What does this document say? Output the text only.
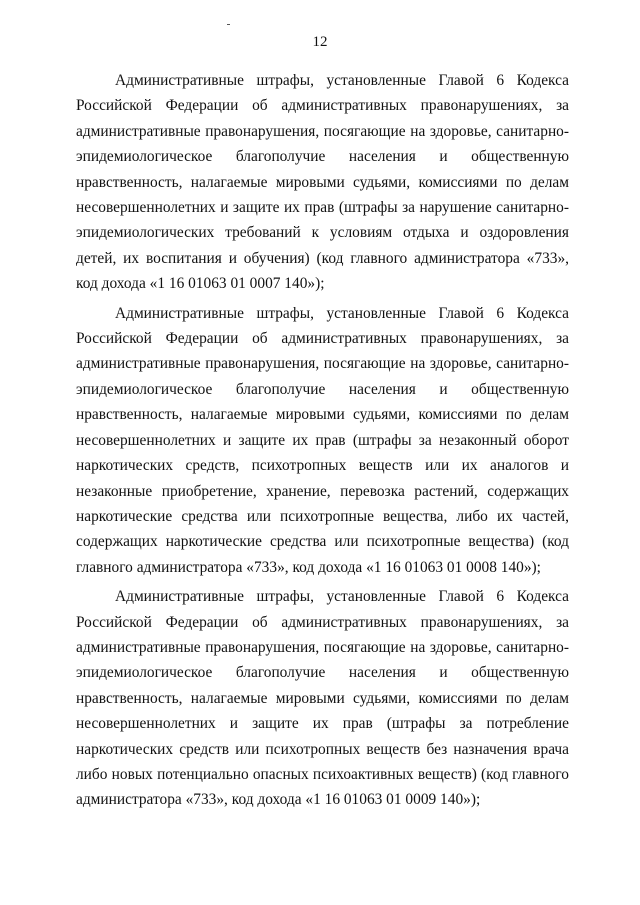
12

Административные штрафы, установленные Главой 6 Кодекса Российской Федерации об административных правонарушениях, за административные правонарушения, посягающие на здоровье, санитарно-эпидемиологическое благополучие населения и общественную нравственность, налагаемые мировыми судьями, комиссиями по делам несовершеннолетних и защите их прав (штрафы за нарушение санитарно-эпидемиологических требований к условиям отдыха и оздоровления детей, их воспитания и обучения) (код главного администратора «733», код дохода «1 16 01063 01 0007 140»);

Административные штрафы, установленные Главой 6 Кодекса Российской Федерации об административных правонарушениях, за административные правонарушения, посягающие на здоровье, санитарно-эпидемиологическое благополучие населения и общественную нравственность, налагаемые мировыми судьями, комиссиями по делам несовершеннолетних и защите их прав (штрафы за незаконный оборот наркотических средств, психотропных веществ или их аналогов и незаконные приобретение, хранение, перевозка растений, содержащих наркотические средства или психотропные вещества, либо их частей, содержащих наркотические средства или психотропные вещества) (код главного администратора «733», код дохода «1 16 01063 01 0008 140»);

Административные штрафы, установленные Главой 6 Кодекса Российской Федерации об административных правонарушениях, за административные правонарушения, посягающие на здоровье, санитарно-эпидемиологическое благополучие населения и общественную нравственность, налагаемые мировыми судьями, комиссиями по делам несовершеннолетних и защите их прав (штрафы за потребление наркотических средств или психотропных веществ без назначения врача либо новых потенциально опасных психоактивных веществ) (код главного администратора «733», код дохода «1 16 01063 01 0009 140»);
